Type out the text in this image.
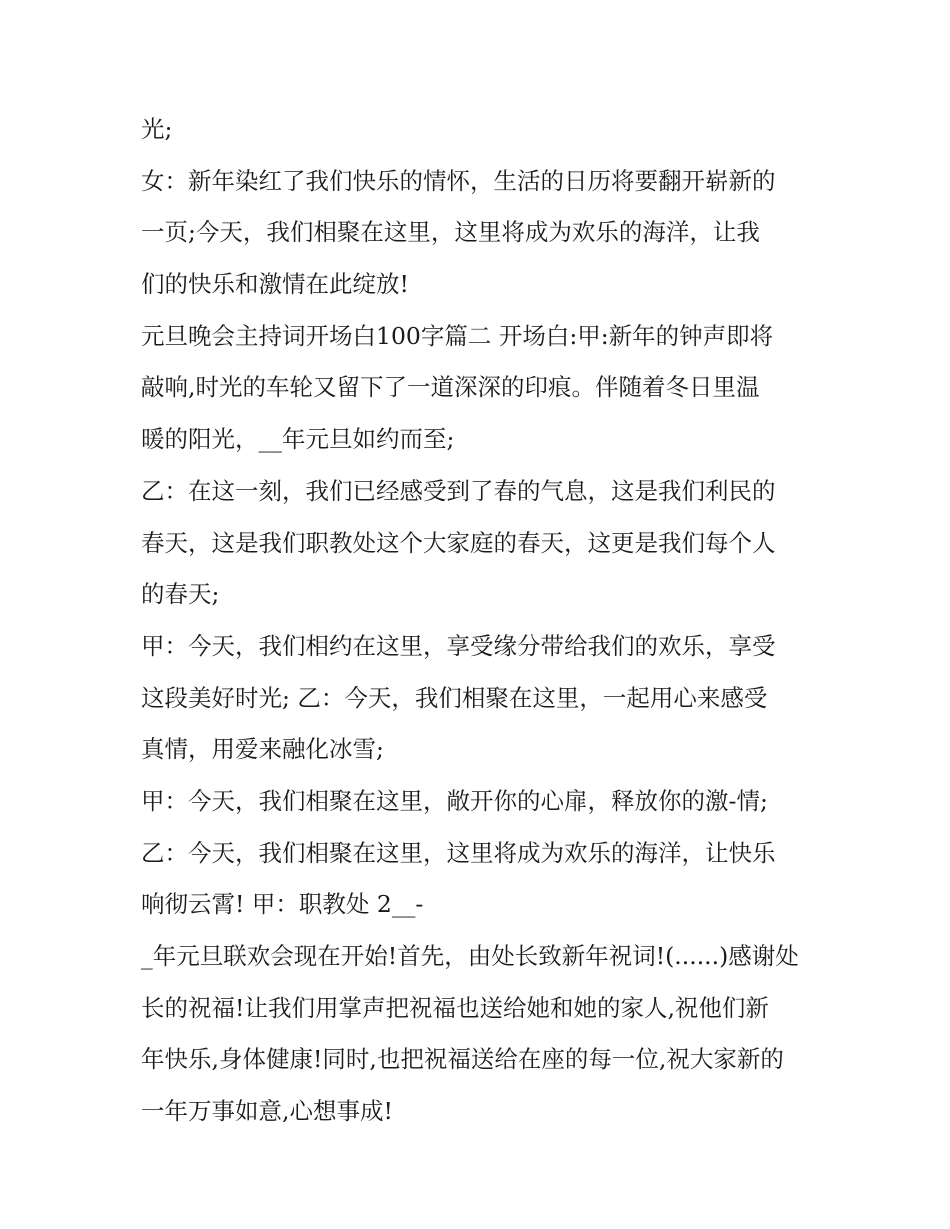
光;
女：新年染红了我们快乐的情怀，生活的日历将要翻开崭新的
一页;今天，我们相聚在这里，这里将成为欢乐的海洋，让我
们的快乐和激情在此绽放!
元旦晚会主持词开场白100字篇二 开场白:甲:新年的钟声即将
敲响,时光的车轮又留下了一道深深的印痕。伴随着冬日里温
暖的阳光，__年元旦如约而至;
乙：在这一刻，我们已经感受到了春的气息，这是我们利民的
春天，这是我们职教处这个大家庭的春天，这更是我们每个人
的春天;
甲：今天，我们相约在这里，享受缘分带给我们的欢乐，享受
这段美好时光; 乙：今天，我们相聚在这里，一起用心来感受
真情，用爱来融化冰雪;
甲：今天，我们相聚在这里，敞开你的心扉，释放你的激-情;
乙：今天，我们相聚在这里，这里将成为欢乐的海洋，让快乐
响彻云霄! 甲：职教处 2__-
_年元旦联欢会现在开始!首先，由处长致新年祝词!(......)感谢处
长的祝福!让我们用掌声把祝福也送给她和她的家人,祝他们新
年快乐,身体健康!同时,也把祝福送给在座的每一位,祝大家新的
一年万事如意,心想事成!
